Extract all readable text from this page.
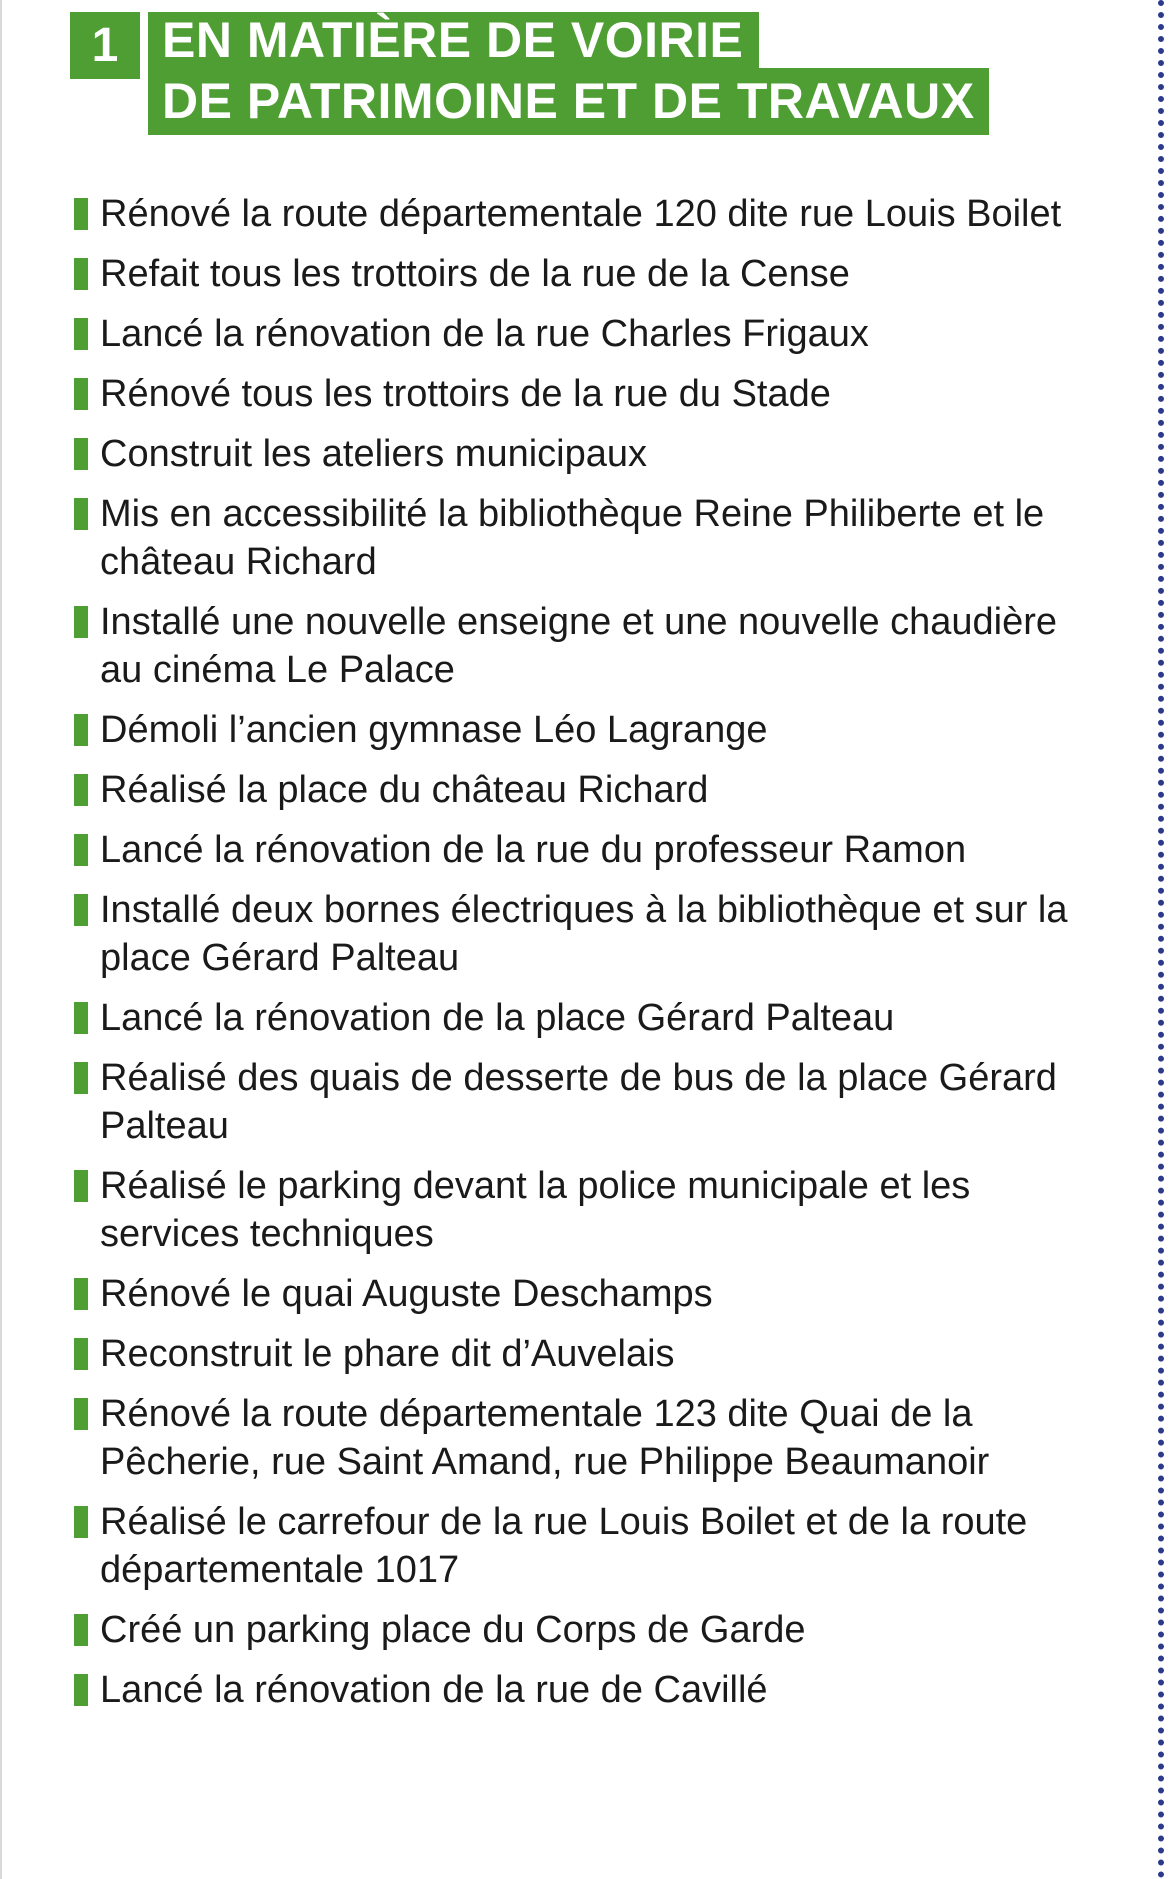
1 EN MATIÈRE DE VOIRIE
DE PATRIMOINE ET DE TRAVAUX
Rénové la route départementale 120 dite rue Louis Boilet
Refait tous les trottoirs de la rue de la Cense
Lancé la rénovation de la rue Charles Frigaux
Rénové tous les trottoirs de la rue du Stade
Construit les ateliers municipaux
Mis en accessibilité la bibliothèque Reine Philiberte et le château Richard
Installé une nouvelle enseigne et une nouvelle chaudière au cinéma Le Palace
Démoli l’ancien gymnase Léo Lagrange
Réalisé la place du château Richard
Lancé la rénovation de la rue du professeur Ramon
Installé deux bornes électriques à la bibliothèque et sur la place Gérard Palteau
Lancé la rénovation de la place Gérard Palteau
Réalisé des quais de desserte de bus de la place Gérard Palteau
Réalisé le parking devant la police municipale et les services techniques
Rénové le quai Auguste Deschamps
Reconstruit le phare dit d’Auvelais
Rénové la route départementale 123 dite Quai de la Pêcherie, rue Saint Amand, rue Philippe Beaumanoir
Réalisé le carrefour de la rue Louis Boilet et de la route départementale 1017
Créé un parking place du Corps de Garde
Lancé la rénovation de la rue de Cavillé
